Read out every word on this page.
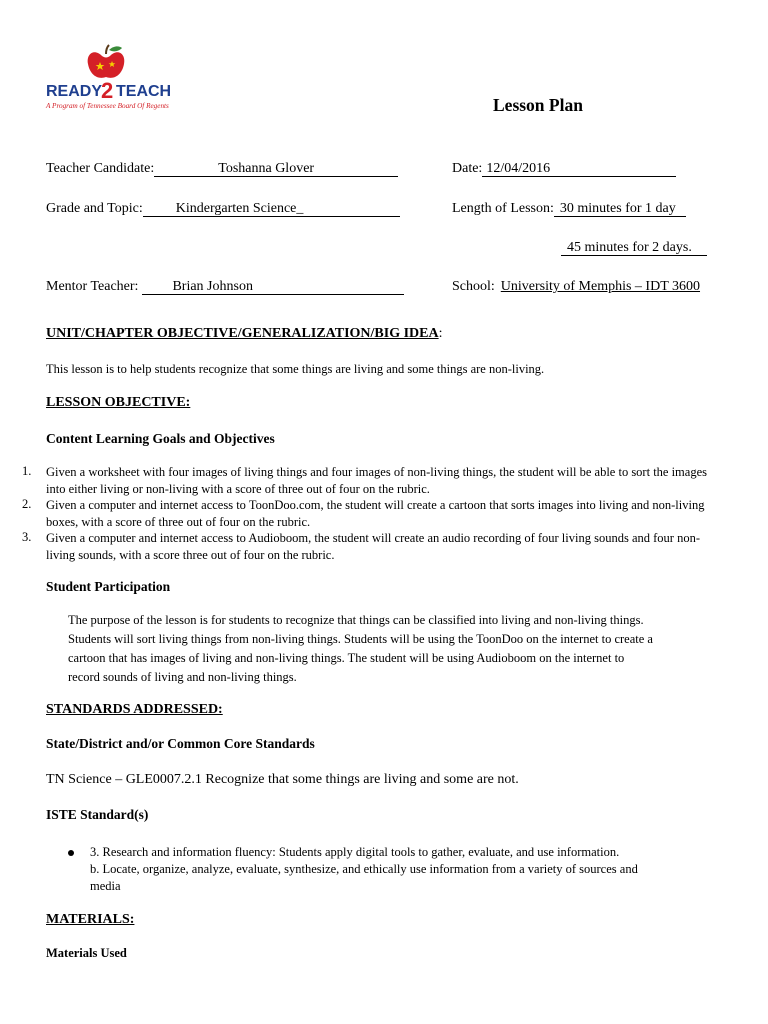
READY
2 TEACH
A Program of Tennessee Board Of Regents	Lesson Plan
Teacher Candidate:	Toshanna Glover	Date: 12/04/2016
Grade and Topic: Kindergarten Science_	Length of Lesson: 30 minutes for 1 day
45 minutes for 2 days.
Mentor Teacher: Brian Johnson	School: University of Memphis – IDT 3600
UNIT/CHAPTER OBJECTIVE/GENERALIZATION/BIG IDEA:
This lesson is to help students recognize that some things are living and some things are non-living.
LESSON OBJECTIVE:
Content Learning Goals and Objectives
1. Given a worksheet with four images of living things and four images of non-living things, the student will be able to sort the images into either living or non-living with a score of three out of four on the rubric.
2. Given a computer and internet access to ToonDoo.com, the student will create a cartoon that sorts images into living and non-living boxes, with a score of three out of four on the rubric.
3. Given a computer and internet access to Audioboom, the student will create an audio recording of four living sounds and four non-living sounds, with a score three out of four on the rubric.
Student Participation
The purpose of the lesson is for students to recognize that things can be classified into living and non-living things.
Students will sort living things from non-living things. Students will be using the ToonDoo on the internet to create a
cartoon that has images of living and non-living things. The student will be using Audioboom on the internet to
record sounds of living and non-living things.
STANDARDS ADDRESSED:
State/District and/or Common Core Standards
TN Science – GLE0007.2.1 Recognize that some things are living and some are not.
ISTE Standard(s)
3. Research and information fluency: Students apply digital tools to gather, evaluate, and use information.
b. Locate, organize, analyze, evaluate, synthesize, and ethically use information from a variety of sources and
media
MATERIALS:
Materials Used
